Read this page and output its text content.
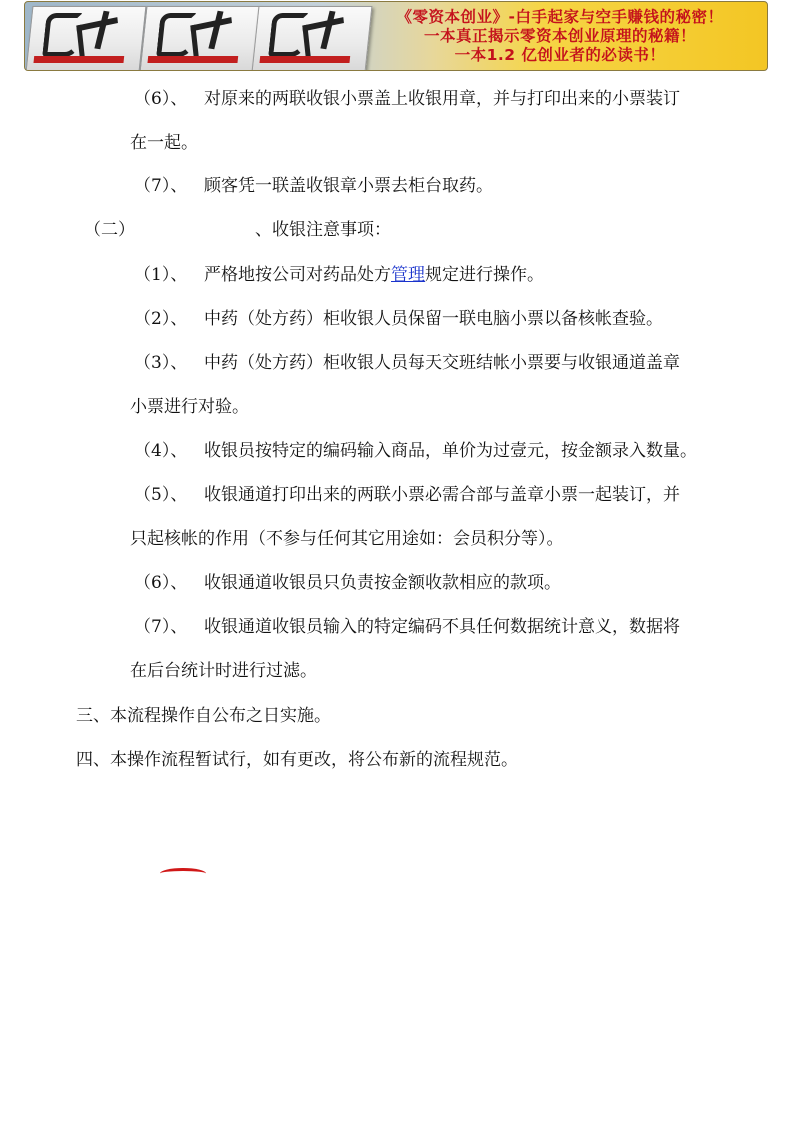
《零资本创业》-白手起家与空手赚钱的秘密！
一本真正揭示零资本创业原理的秘籍！
一本1.2 亿创业者的必读书！
（6）、 对原来的两联收银小票盖上收银用章，并与打印出来的小票装订
在一起。
（7）、 顾客凭一联盖收银章小票去柜台取药。
（二）	、收银注意事项：
（1）、 严格地按公司对药品处方管理规定进行操作。
（2）、 中药（处方药）柜收银人员保留一联电脑小票以备核帐查验。
（3）、 中药（处方药）柜收银人员每天交班结帐小票要与收银通道盖章
小票进行对验。
（4）、 收银员按特定的编码输入商品，单价为过壹元，按金额录入数量。
（5）、 收银通道打印出来的两联小票必需合部与盖章小票一起装订，并
只起核帐的作用（不参与任何其它用途如：会员积分等）。
（6）、 收银通道收银员只负责按金额收款相应的款项。
（7）、 收银通道收银员输入的特定编码不具任何数据统计意义，数据将
在后台统计时进行过滤。
三、本流程操作自公布之日实施。
四、本操作流程暂试行，如有更改，将公布新的流程规范。
